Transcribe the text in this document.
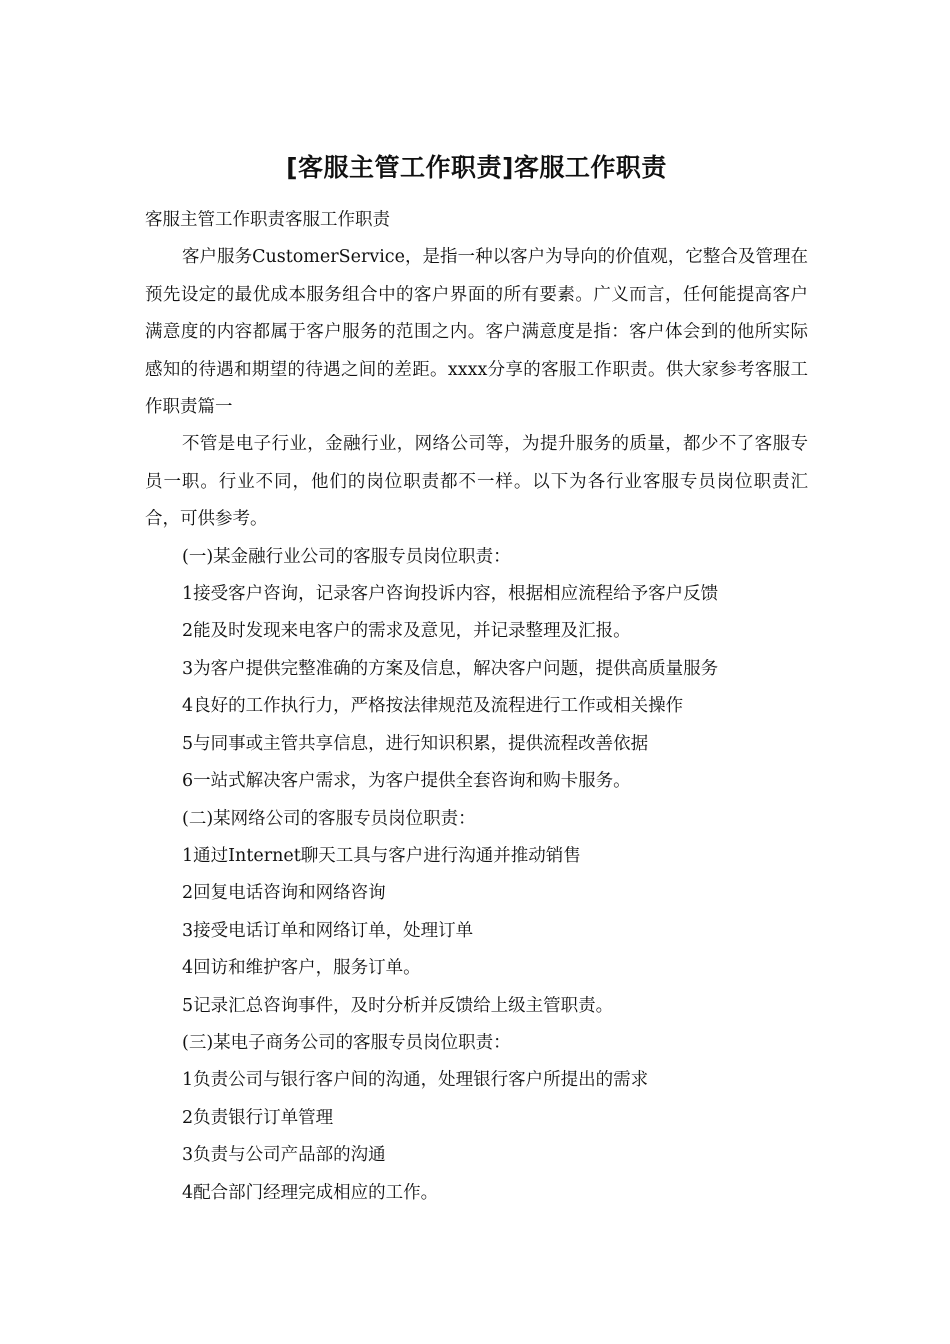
[客服主管工作职责]客服工作职责

客服主管工作职责客服工作职责

客户服务CustomerService，是指一种以客户为导向的价值观，它整合及管理在预先设定的最优成本服务组合中的客户界面的所有要素。广义而言，任何能提高客户满意度的内容都属于客户服务的范围之内。客户满意度是指：客户体会到的他所实际感知的待遇和期望的待遇之间的差距。xxxx分享的客服工作职责。供大家参考客服工作职责篇一

不管是电子行业，金融行业，网络公司等，为提升服务的质量，都少不了客服专员一职。行业不同，他们的岗位职责都不一样。以下为各行业客服专员岗位职责汇合，可供参考。

(一)某金融行业公司的客服专员岗位职责：

1接受客户咨询，记录客户咨询投诉内容，根据相应流程给予客户反馈

2能及时发现来电客户的需求及意见，并记录整理及汇报。

3为客户提供完整准确的方案及信息，解决客户问题，提供高质量服务

4良好的工作执行力，严格按法律规范及流程进行工作或相关操作

5与同事或主管共享信息，进行知识积累，提供流程改善依据

6一站式解决客户需求，为客户提供全套咨询和购卡服务。

(二)某网络公司的客服专员岗位职责：

1通过Internet聊天工具与客户进行沟通并推动销售

2回复电话咨询和网络咨询

3接受电话订单和网络订单，处理订单

4回访和维护客户，服务订单。

5记录汇总咨询事件，及时分析并反馈给上级主管职责。

(三)某电子商务公司的客服专员岗位职责：

1负责公司与银行客户间的沟通，处理银行客户所提出的需求

2负责银行订单管理

3负责与公司产品部的沟通

4配合部门经理完成相应的工作。
